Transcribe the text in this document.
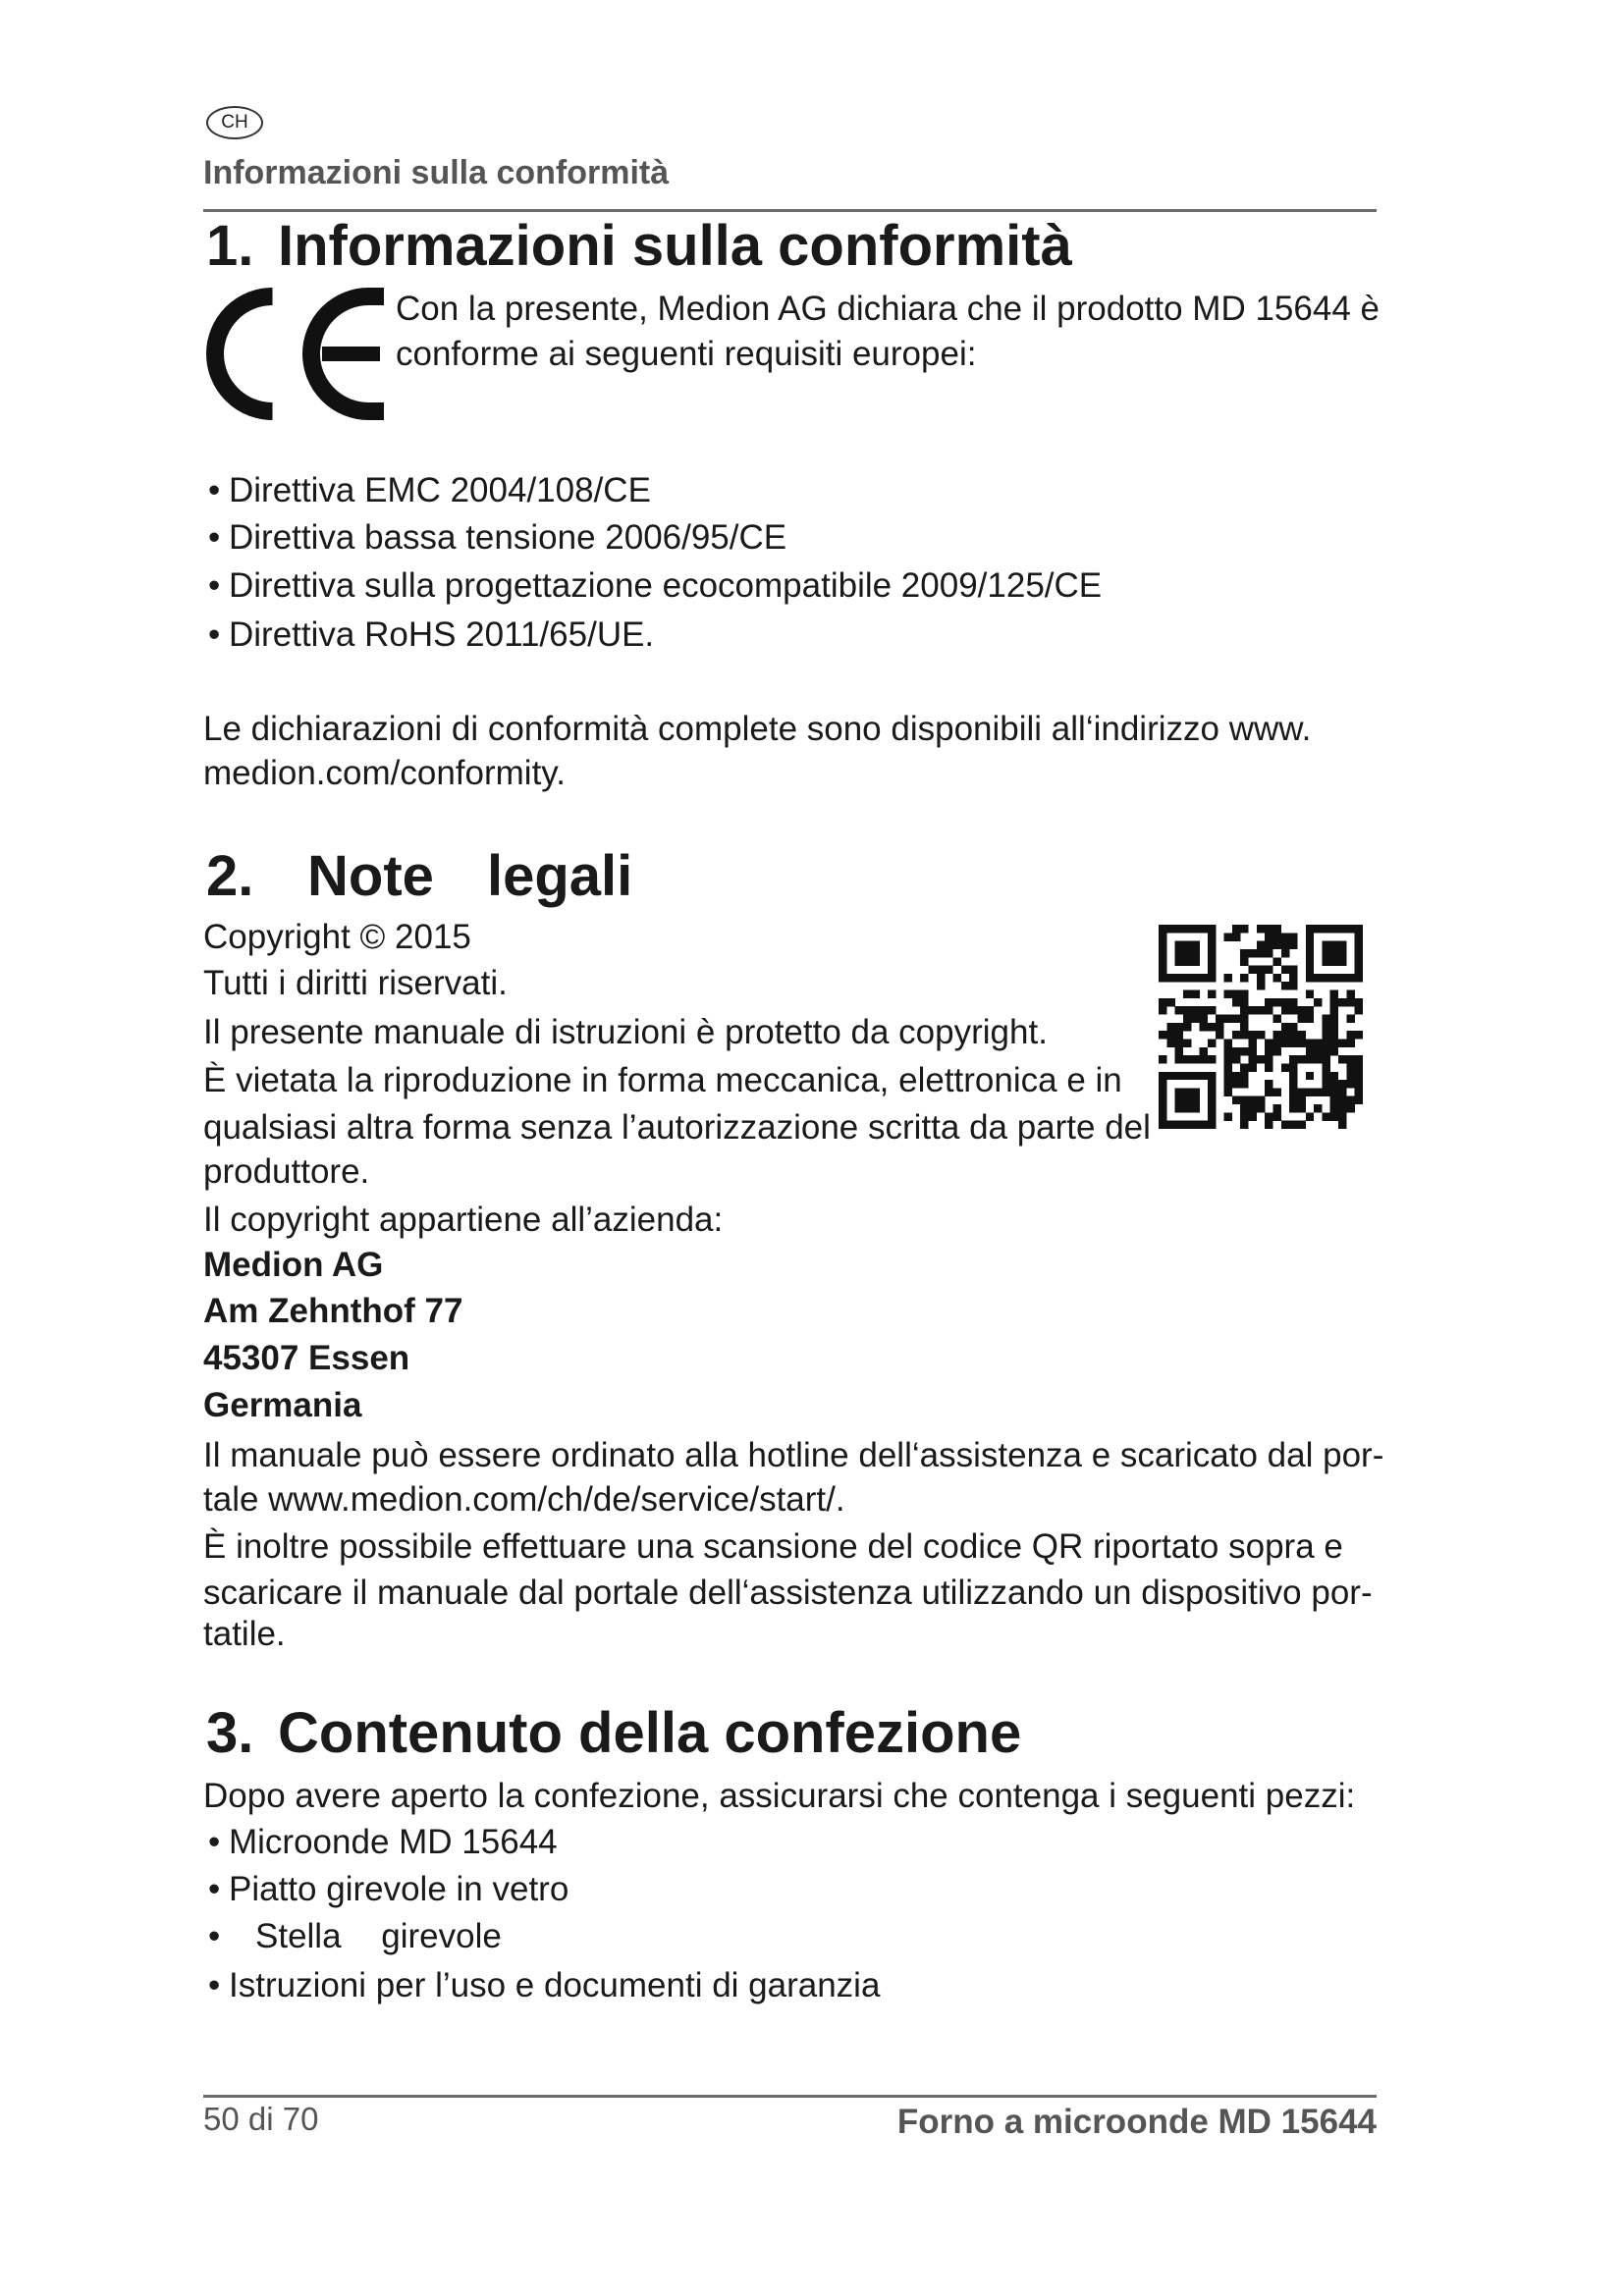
CH
Informazioni sulla conformità
1. Informazioni sulla conformità
Con la presente, Medion AG dichiara che il prodotto MD 15644 è
conforme ai seguenti requisiti europei:
• Direttiva EMC 2004/108/CE
• Direttiva bassa tensione 2006/95/CE
• Direttiva sulla progettazione ecocompatibile 2009/125/CE
• Direttiva RoHS 2011/65/UE.
Le dichiarazioni di conformità complete sono disponibili all‘indirizzo www.
medion.com/conformity.
2. Note legali
Copyright © 2015
Tutti i diritti riservati.
Il presente manuale di istruzioni è protetto da copyright.
È vietata la riproduzione in forma meccanica, elettronica e in
qualsiasi altra forma senza l’autorizzazione scritta da parte del
produttore.
Il copyright appartiene all’azienda:
Medion AG
Am Zehnthof 77
45307 Essen
Germania
Il manuale può essere ordinato alla hotline dell‘assistenza e scaricato dal por-
tale www.medion.com/ch/de/service/start/.
È inoltre possibile effettuare una scansione del codice QR riportato sopra e
scaricare il manuale dal portale dell‘assistenza utilizzando un dispositivo por-
tatile.
3. Contenuto della confezione
Dopo avere aperto la confezione, assicurarsi che contenga i seguenti pezzi:
• Microonde MD 15644
• Piatto girevole in vetro
• Stella girevole
• Istruzioni per l’uso e documenti di garanzia
50 di 70	Forno a microonde MD 15644
